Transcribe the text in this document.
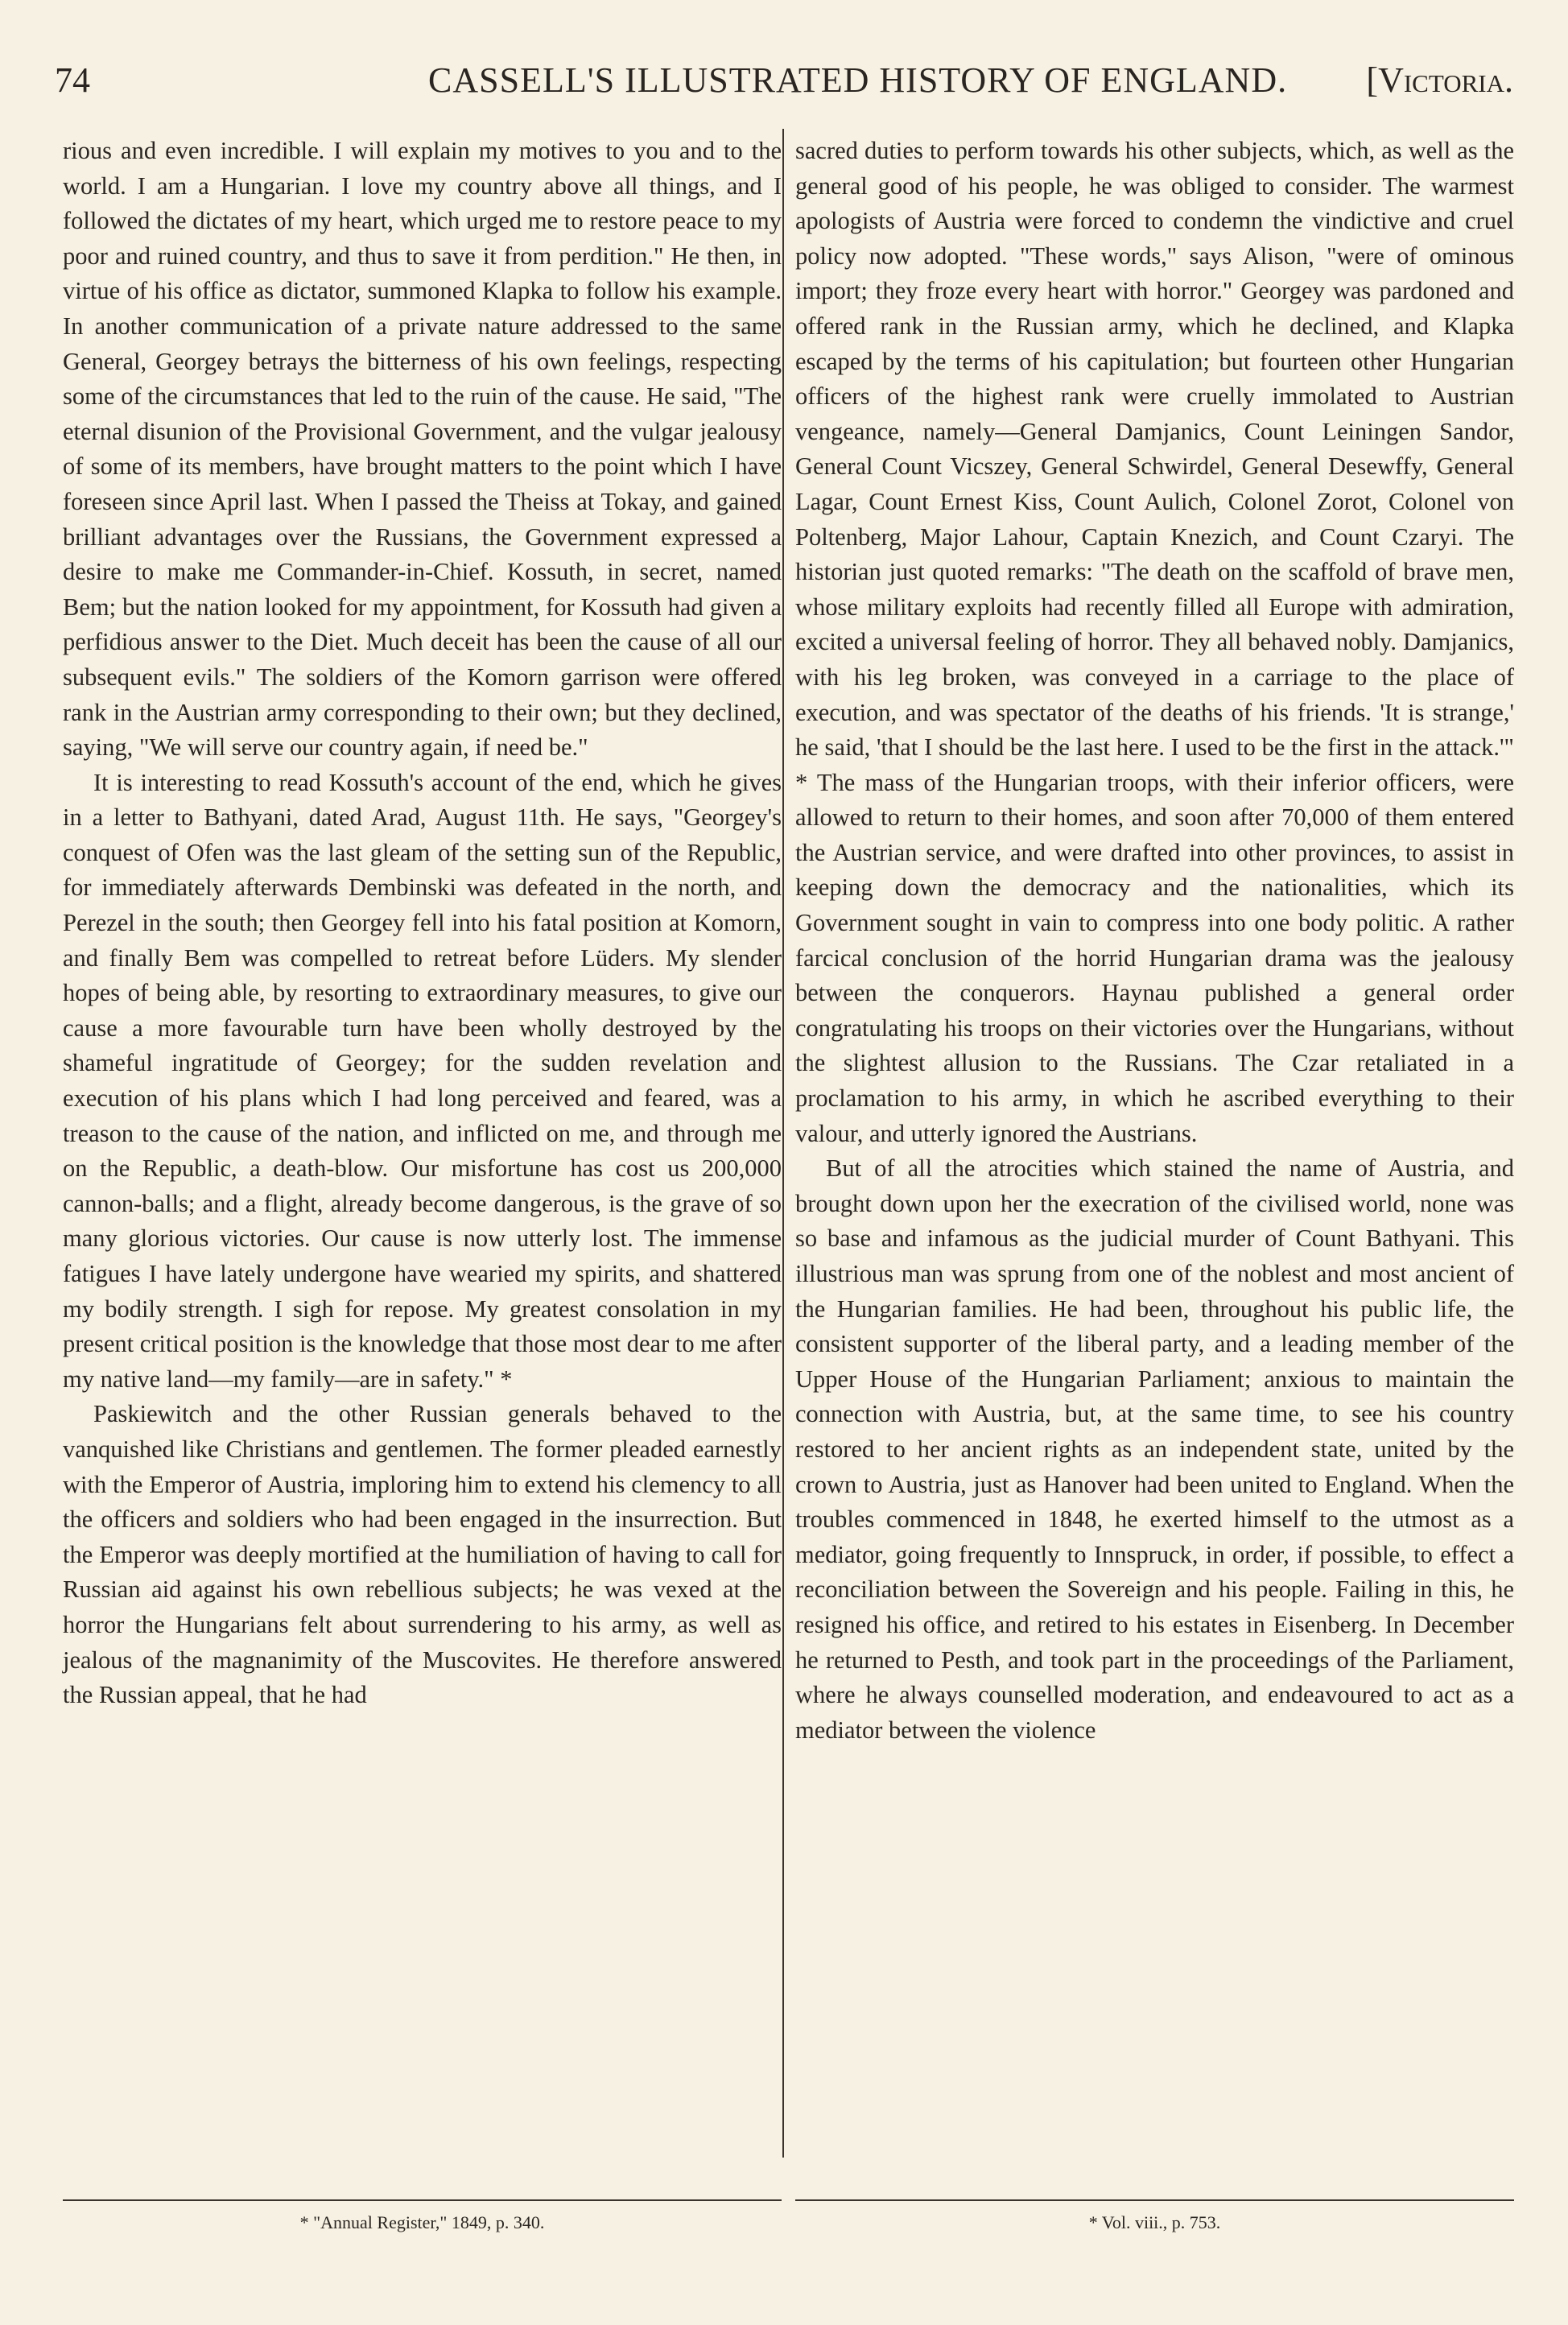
74	CASSELL'S ILLUSTRATED HISTORY OF ENGLAND. [Victoria.

rious and even incredible. I will explain my motives to you and to the world. I am a Hungarian. I love my country above all things, and I followed the dictates of my heart, which urged me to restore peace to my poor and ruined country, and thus to save it from perdition." He then, in virtue of his office as dictator, summoned Klapka to follow his example. In another communication of a private nature addressed to the same General, Georgey betrays the bitterness of his own feelings, respecting some of the circumstances that led to the ruin of the cause. He said, "The eternal disunion of the Provisional Government, and the vulgar jealousy of some of its members, have brought matters to the point which I have foreseen since April last. When I passed the Theiss at Tokay, and gained brilliant advantages over the Russians, the Government expressed a desire to make me Commander-in-Chief. Kossuth, in secret, named Bem; but the nation looked for my appointment, for Kossuth had given a perfidious answer to the Diet. Much deceit has been the cause of all our subsequent evils." The soldiers of the Komorn garrison were offered rank in the Austrian army corresponding to their own; but they declined, saying, "We will serve our country again, if need be."

It is interesting to read Kossuth's account of the end, which he gives in a letter to Bathyani, dated Arad, August 11th. He says, "Georgey's conquest of Ofen was the last gleam of the setting sun of the Republic, for immediately afterwards Dembinski was defeated in the north, and Perezel in the south; then Georgey fell into his fatal position at Komorn, and finally Bem was compelled to retreat before Lüders. My slender hopes of being able, by resorting to extraordinary measures, to give our cause a more favourable turn have been wholly destroyed by the shameful ingratitude of Georgey; for the sudden revelation and execution of his plans which I had long perceived and feared, was a treason to the cause of the nation, and inflicted on me, and through me on the Republic, a death-blow. Our misfortune has cost us 200,000 cannon-balls; and a flight, already become dangerous, is the grave of so many glorious victories. Our cause is now utterly lost. The immense fatigues I have lately undergone have wearied my spirits, and shattered my bodily strength. I sigh for repose. My greatest consolation in my present critical position is the knowledge that those most dear to me after my native land—my family—are in safety." *

Paskiewitch and the other Russian generals behaved to the vanquished like Christians and gentlemen. The former pleaded earnestly with the Emperor of Austria, imploring him to extend his clemency to all the officers and soldiers who had been engaged in the insurrection. But the Emperor was deeply mortified at the humiliation of having to call for Russian aid against his own rebellious subjects; he was vexed at the horror the Hungarians felt about surrendering to his army, as well as jealous of the magnanimity of the Muscovites. He therefore answered the Russian appeal, that he had

sacred duties to perform towards his other subjects, which, as well as the general good of his people, he was obliged to consider. The warmest apologists of Austria were forced to condemn the vindictive and cruel policy now adopted. "These words," says Alison, "were of ominous import; they froze every heart with horror." Georgey was pardoned and offered rank in the Russian army, which he declined, and Klapka escaped by the terms of his capitulation; but fourteen other Hungarian officers of the highest rank were cruelly immolated to Austrian vengeance, namely—General Damjanics, Count Leiningen Sandor, General Count Vicszey, General Schwirdel, General Desewffy, General Lagar, Count Ernest Kiss, Count Aulich, Colonel Zorot, Colonel von Poltenberg, Major Lahour, Captain Knezich, and Count Czaryi. The historian just quoted remarks: "The death on the scaffold of brave men, whose military exploits had recently filled all Europe with admiration, excited a universal feeling of horror. They all behaved nobly. Damjanics, with his leg broken, was conveyed in a carriage to the place of execution, and was spectator of the deaths of his friends. 'It is strange,' he said, 'that I should be the last here. I used to be the first in the attack.'" * The mass of the Hungarian troops, with their inferior officers, were allowed to return to their homes, and soon after 70,000 of them entered the Austrian service, and were drafted into other provinces, to assist in keeping down the democracy and the nationalities, which its Government sought in vain to compress into one body politic. A rather farcical conclusion of the horrid Hungarian drama was the jealousy between the conquerors. Haynau published a general order congratulating his troops on their victories over the Hungarians, without the slightest allusion to the Russians. The Czar retaliated in a proclamation to his army, in which he ascribed everything to their valour, and utterly ignored the Austrians.

But of all the atrocities which stained the name of Austria, and brought down upon her the execration of the civilised world, none was so base and infamous as the judicial murder of Count Bathyani. This illustrious man was sprung from one of the noblest and most ancient of the Hungarian families. He had been, throughout his public life, the consistent supporter of the liberal party, and a leading member of the Upper House of the Hungarian Parliament; anxious to maintain the connection with Austria, but, at the same time, to see his country restored to her ancient rights as an independent state, united by the crown to Austria, just as Hanover had been united to England. When the troubles commenced in 1848, he exerted himself to the utmost as a mediator, going frequently to Innspruck, in order, if possible, to effect a reconciliation between the Sovereign and his people. Failing in this, he resigned his office, and retired to his estates in Eisenberg. In December he returned to Pesth, and took part in the proceedings of the Parliament, where he always counselled moderation, and endeavoured to act as a mediator between the violence

* "Annual Register," 1849, p. 340.	* Vol. viii., p. 753.
